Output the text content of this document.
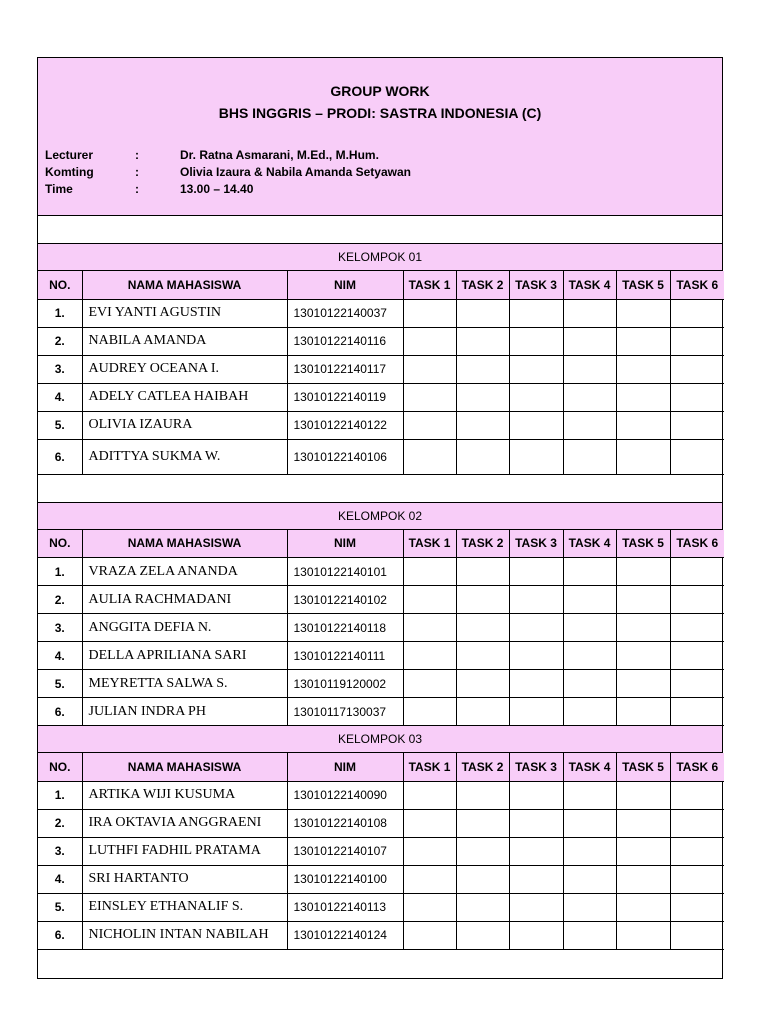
GROUP WORK
BHS INGGRIS – PRODI: SASTRA INDONESIA (C)
Lecturer	:	Dr. Ratna Asmarani, M.Ed., M.Hum.
Komting	:	Olivia Izaura & Nabila Amanda Setyawan
Time	:	13.00 – 14.40
KELOMPOK 01
NO.	NAMA MAHASISWA	NIM	TASK 1	TASK 2	TASK 3	TASK 4	TASK 5	TASK 6
1.	EVI YANTI AGUSTIN	13010122140037						
2.	NABILA AMANDA	13010122140116						
3.	AUDREY OCEANA I.	13010122140117						
4.	ADELY CATLEA HAIBAH	13010122140119						
5.	OLIVIA IZAURA	13010122140122						
6.	ADITTYA SUKMA W.	13010122140106						
KELOMPOK 02
NO.	NAMA MAHASISWA	NIM	TASK 1	TASK 2	TASK 3	TASK 4	TASK 5	TASK 6
1.	VRAZA ZELA ANANDA	13010122140101						
2.	AULIA RACHMADANI	13010122140102						
3.	ANGGITA DEFIA N.	13010122140118						
4.	DELLA APRILIANA SARI	13010122140111						
5.	MEYRETTA SALWA S.	13010119120002						
6.	JULIAN INDRA PH	13010117130037						
KELOMPOK 03
NO.	NAMA MAHASISWA	NIM	TASK 1	TASK 2	TASK 3	TASK 4	TASK 5	TASK 6
1.	ARTIKA WIJI KUSUMA	13010122140090						
2.	IRA OKTAVIA ANGGRAENI	13010122140108						
3.	LUTHFI FADHIL PRATAMA	13010122140107						
4.	SRI HARTANTO	13010122140100						
5.	EINSLEY ETHANALIF S.	13010122140113						
6.	NICHOLIN INTAN NABILAH	13010122140124						
